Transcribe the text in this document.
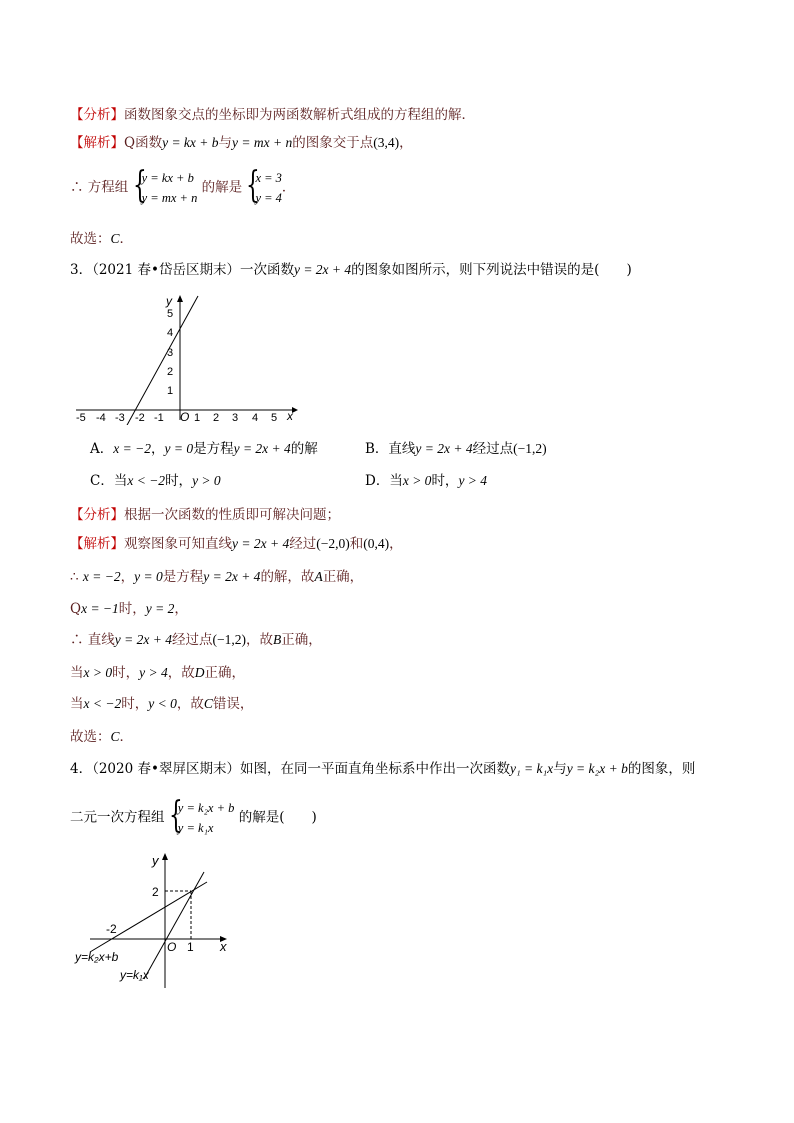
【分析】函数图象交点的坐标即为两函数解析式组成的方程组的解．
【解析】Q函数y = kx + b与y = mx + n的图象交于点(3,4)，
∴ 方程组 {
y = kx + b
y = mx + n
的解是 {
x = 3
y = 4
．
故选：C．
3．（2021 春•岱岳区期末）一次函数y = 2x + 4的图象如图所示，则下列说法中错误的是(　　)
y
x
O
-5 -4 -3 -2 -1	1 2 3 4 5
1
2
3
4
5
A．x = −2，y = 0是方程y = 2x + 4的解	B．直线y = 2x + 4经过点(−1,2)
C．当x < −2时，y > 0	D．当x > 0时，y > 4
【分析】根据一次函数的性质即可解决问题；
【解析】观察图象可知直线y = 2x + 4经过(−2,0)和(0,4)，
∴ x = −2，y = 0是方程y = 2x + 4的解，故A正确，
Qx = −1时，y = 2，
∴ 直线y = 2x + 4经过点(−1,2)，故B正确，
当x > 0时，y > 4，故D正确，
当x < −2时，y < 0，故C错误，
故选：C．
4．（2020 春•翠屏区期末）如图，在同一平面直角坐标系中作出一次函数y₁ = k₁x与y = k₂x + b的图象，则
二元一次方程组 {
y = k₂x + b
y = k₁x
的解是(　　)
y
x
O
2
1
-2
y=k₂x+b
y=k₁x
